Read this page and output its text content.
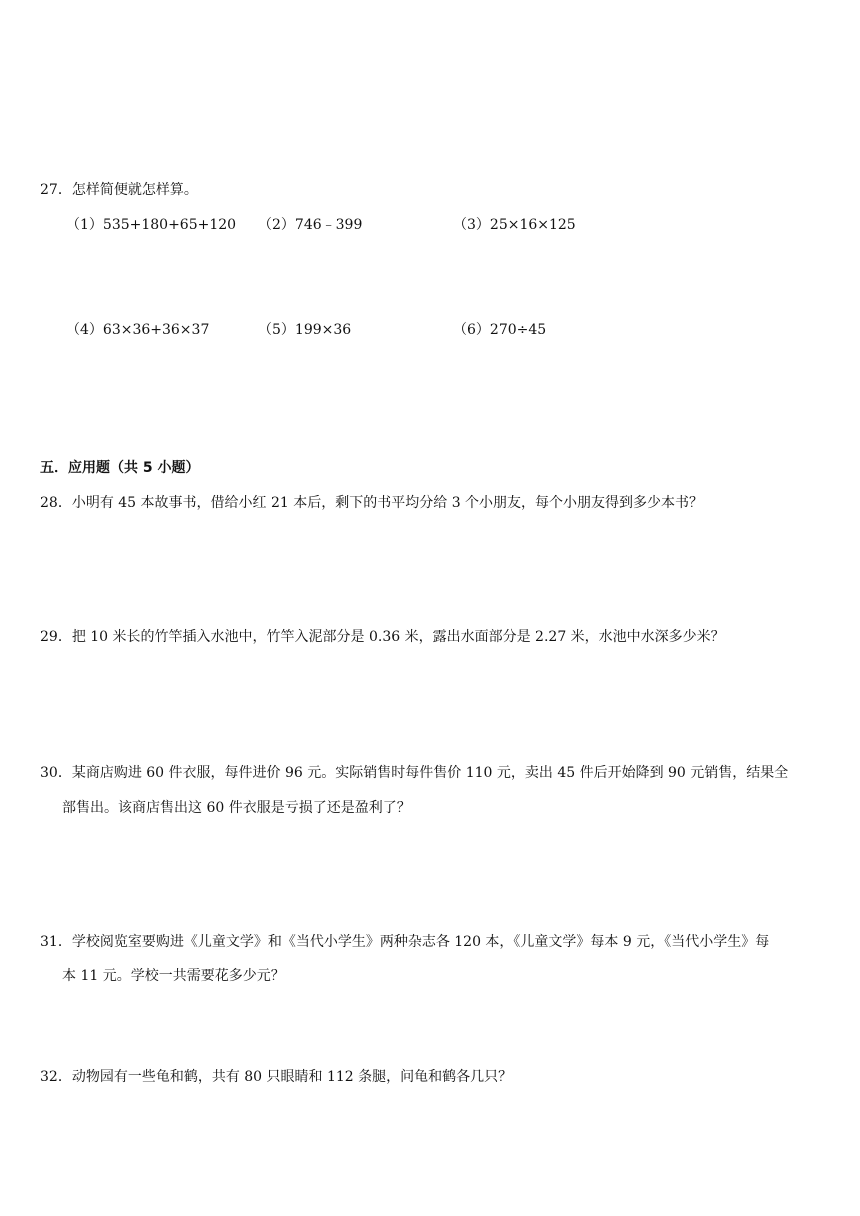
27．怎样简便就怎样算。
（1）535+180+65+120 （2）746﹣399	（3）25×16×125
（4）63×36+36×37	（5）199×36	（6）270÷45
五．应用题（共 5 小题）
28．小明有 45 本故事书，借给小红 21 本后，剩下的书平均分给 3 个小朋友，每个小朋友得到多少本书？
29．把 10 米长的竹竿插入水池中，竹竿入泥部分是 0.36 米，露出水面部分是 2.27 米，水池中水深多少米？
30．某商店购进 60 件衣服，每件进价 96 元。实际销售时每件售价 110 元，卖出 45 件后开始降到 90 元销售，结果全
部售出。该商店售出这 60 件衣服是亏损了还是盈利了？
31．学校阅览室要购进《儿童文学》和《当代小学生》两种杂志各 120 本，《儿童文学》每本 9 元，《当代小学生》每
本 11 元。学校一共需要花多少元？
32．动物园有一些龟和鹤，共有 80 只眼睛和 112 条腿，问龟和鹤各几只？
